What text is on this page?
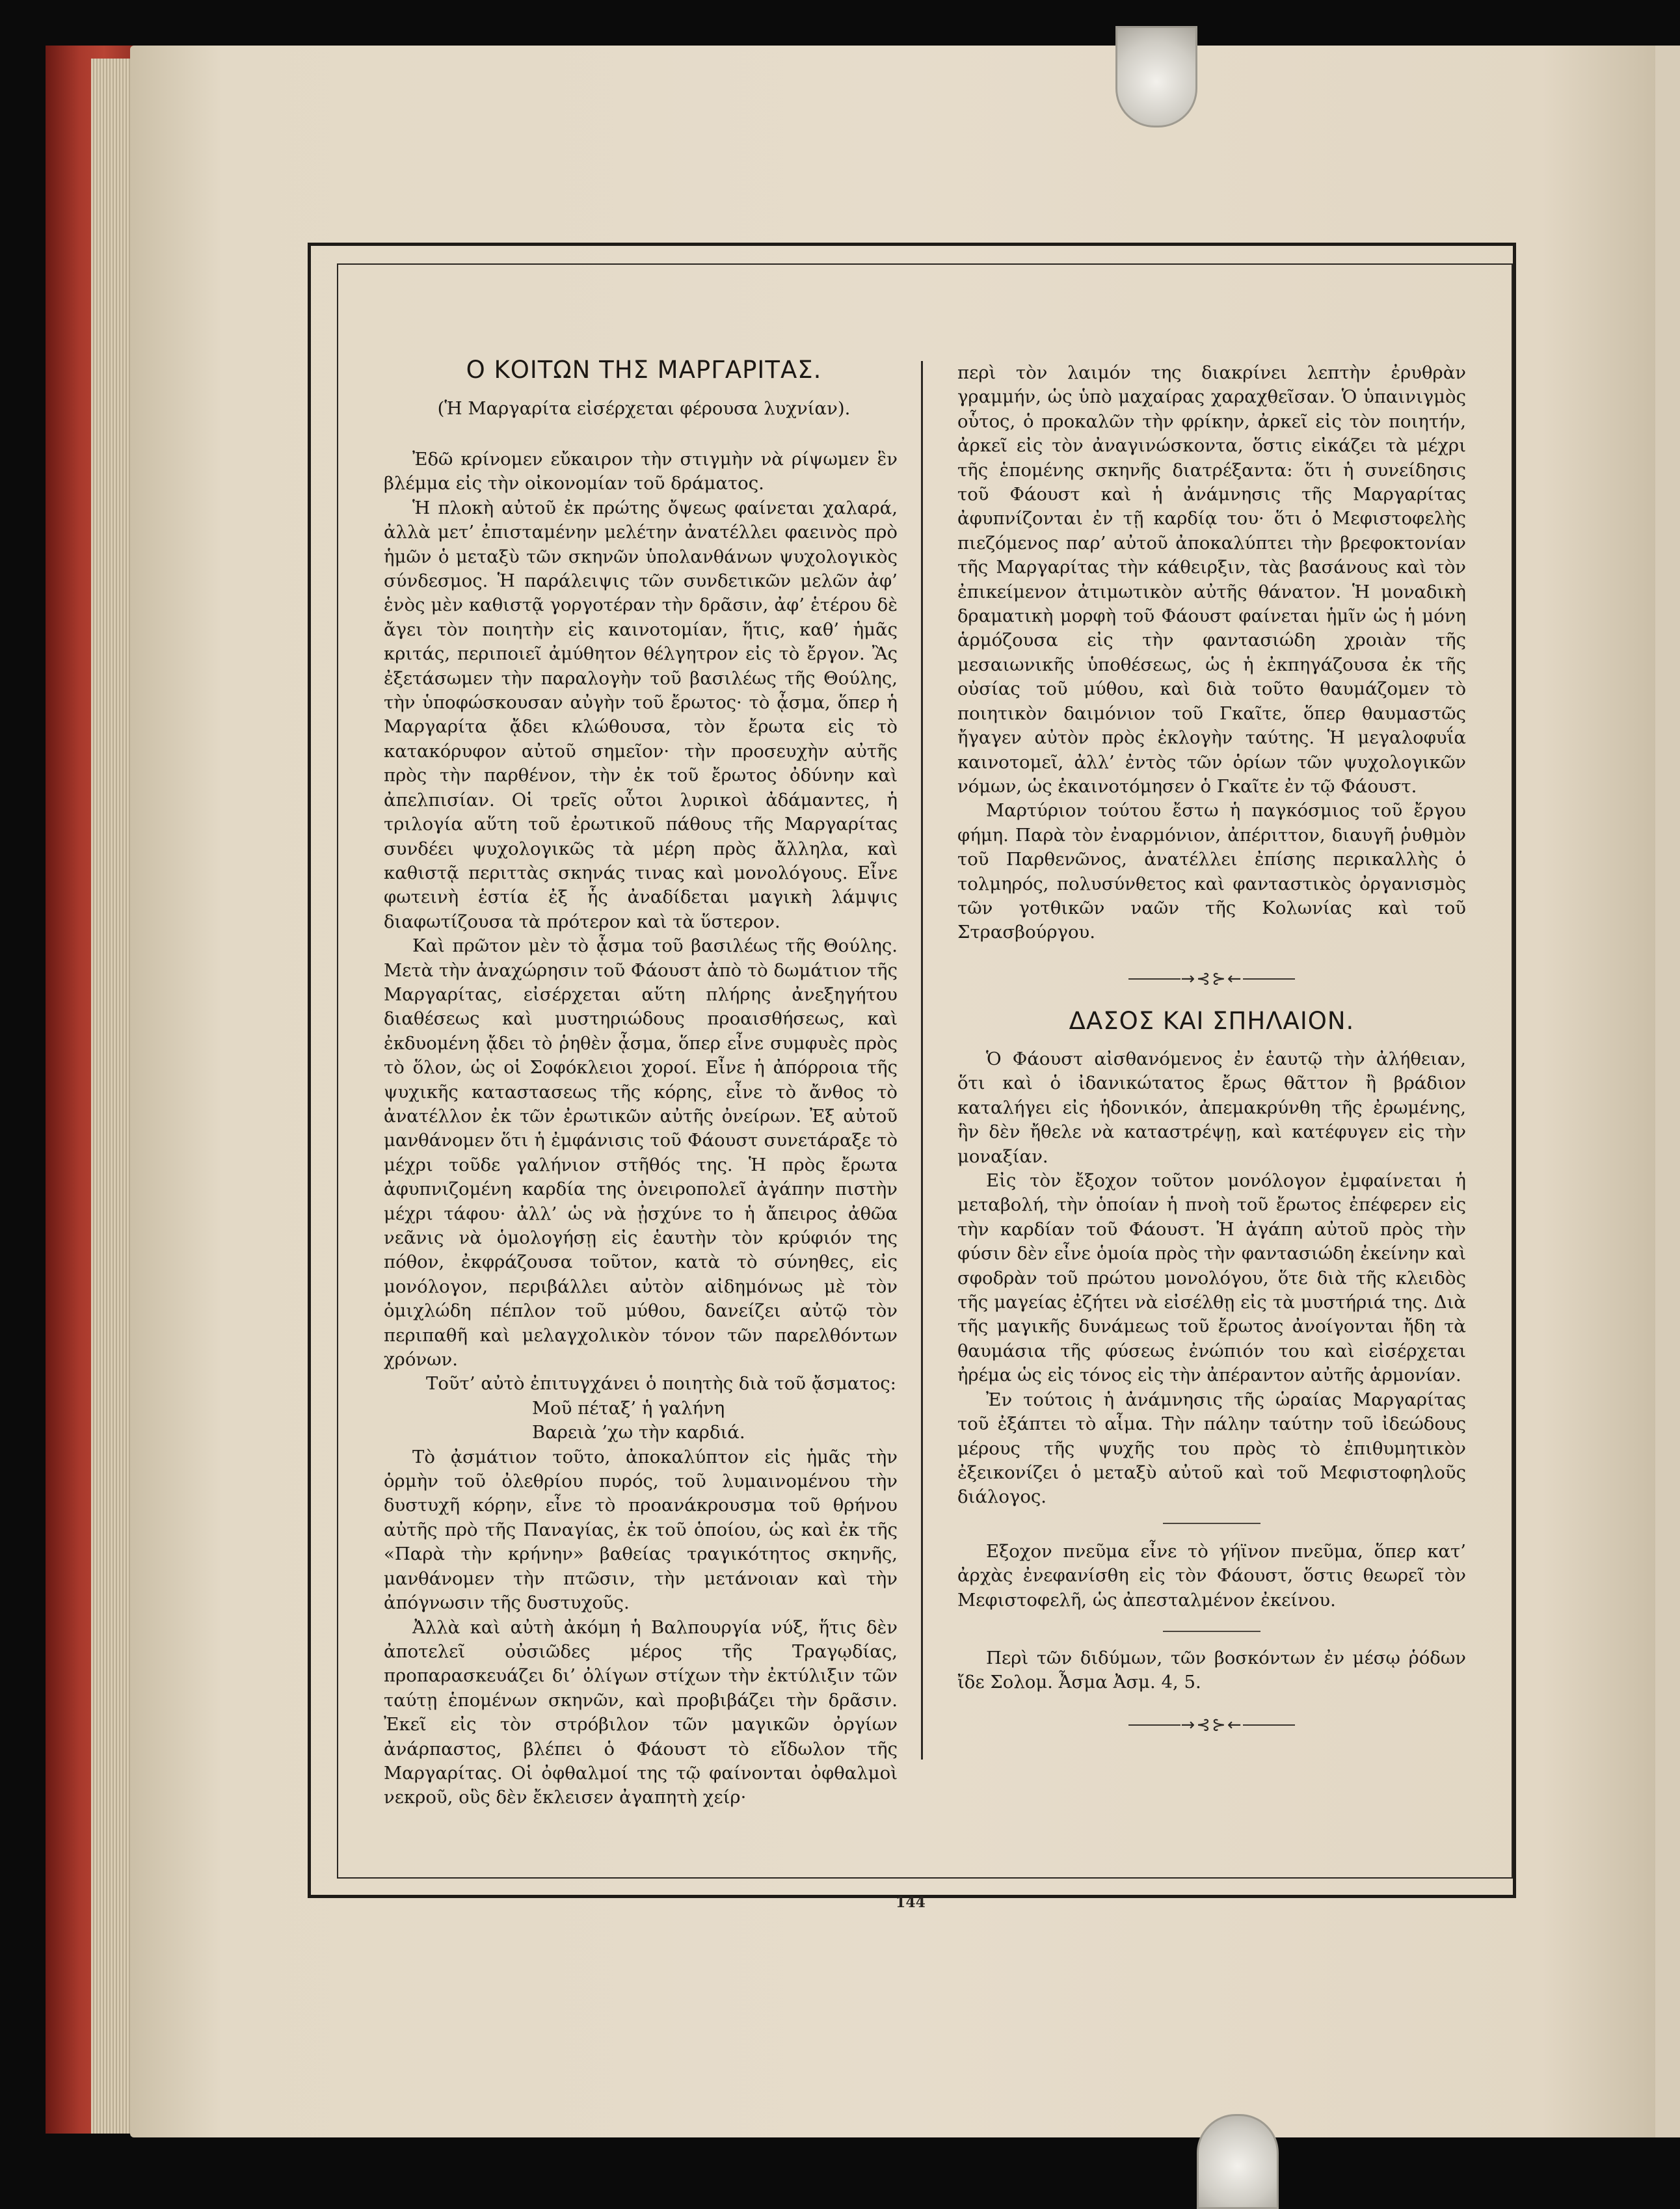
Ο ΚΟΙΤΩΝ ΤΗΣ ΜΑΡΓΑΡΙΤΑΣ.
(Ἡ Μαργαρίτα εἰσέρχεται φέρουσα λυχνίαν).

Ἐδῶ κρίνομεν εὔκαιρον τὴν στιγμὴν νὰ ρίψωμεν ἓν βλέμμα εἰς τὴν οἰκονομίαν τοῦ δράματος.

Ἡ πλοκὴ αὐτοῦ ἐκ πρώτης ὄψεως φαίνεται χαλαρά, ἀλλὰ μετ’ ἐπισταμένην μελέτην ἀνατέλλει φαεινὸς πρὸ ἡμῶν ὁ μεταξὺ τῶν σκηνῶν ὑπολανθάνων ψυχολογικὸς σύνδεσμος. Ἡ παράλειψις τῶν συνδετικῶν μελῶν ἀφ’ ἑνὸς μὲν καθιστᾷ γοργοτέραν τὴν δρᾶσιν, ἀφ’ ἑτέρου δὲ ἄγει τὸν ποιητὴν εἰς καινοτομίαν, ἥτις, καθ’ ἡμᾶς κριτάς, περιποιεῖ ἀμύθητον θέλγητρον εἰς τὸ ἔργον. Ἂς ἐξετάσωμεν τὴν παραλογὴν τοῦ βασιλέως τῆς Θούλης, τὴν ὑποφώσκουσαν αὐγὴν τοῦ ἔρωτος· τὸ ᾆσμα, ὅπερ ἡ Μαργαρίτα ᾄδει κλώθουσα, τὸν ἔρωτα εἰς τὸ κατακόρυφον αὐτοῦ σημεῖον· τὴν προσευχὴν αὐτῆς πρὸς τὴν παρθένον, τὴν ἐκ τοῦ ἔρωτος ὀδύνην καὶ ἀπελπισίαν. Οἱ τρεῖς οὗτοι λυρικοὶ ἀδάμαντες, ἡ τριλογία αὕτη τοῦ ἐρωτικοῦ πάθους τῆς Μαργαρίτας συνδέει ψυχολογικῶς τὰ μέρη πρὸς ἄλληλα, καὶ καθιστᾷ περιττὰς σκηνάς τινας καὶ μονολόγους. Εἶνε φωτεινὴ ἑστία ἐξ ἧς ἀναδίδεται μαγικὴ λάμψις διαφωτίζουσα τὰ πρότερον καὶ τὰ ὕστερον.

Καὶ πρῶτον μὲν τὸ ᾆσμα τοῦ βασιλέως τῆς Θούλης. Μετὰ τὴν ἀναχώρησιν τοῦ Φάουστ ἀπὸ τὸ δωμάτιον τῆς Μαργαρίτας, εἰσέρχεται αὕτη πλήρης ἀνεξηγήτου διαθέσεως καὶ μυστηριώδους προαισθήσεως, καὶ ἐκδυομένη ᾄδει τὸ ῥηθὲν ᾆσμα, ὅπερ εἶνε συμφυὲς πρὸς τὸ ὅλον, ὡς οἱ Σοφόκλειοι χοροί. Εἶνε ἡ ἀπόρροια τῆς ψυχικῆς καταστασεως τῆς κόρης, εἶνε τὸ ἄνθος τὸ ἀνατέλλον ἐκ τῶν ἐρωτικῶν αὐτῆς ὀνείρων. Ἐξ αὐτοῦ μανθάνομεν ὅτι ἡ ἐμφάνισις τοῦ Φάουστ συνετάραξε τὸ μέχρι τοῦδε γαλήνιον στῆθός της. Ἡ πρὸς ἔρωτα ἀφυπνιζομένη καρδία της ὀνειροπολεῖ ἀγάπην πιστὴν μέχρι τάφου· ἀλλ’ ὡς νὰ ᾐσχύνε το ἡ ἄπειρος ἀθῶα νεᾶνις νὰ ὁμολογήσῃ εἰς ἑαυτὴν τὸν κρύφιόν της πόθον, ἐκφράζουσα τοῦτον, κατὰ τὸ σύνηθες, εἰς μονόλογον, περιβάλλει αὐτὸν αἰδημόνως μὲ τὸν ὁμιχλώδη πέπλον τοῦ μύθου, δανείζει αὐτῷ τὸν περιπαθῆ καὶ μελαγχολικὸν τόνον τῶν παρελθόντων χρόνων.

Τοῦτ’ αὐτὸ ἐπιτυγχάνει ὁ ποιητὴς διὰ τοῦ ᾄσματος:

Μοῦ πέταξ’ ἡ γαλήνη

Βαρειὰ ’χω τὴν καρδιά.

Τὸ ᾀσμάτιον τοῦτο, ἀποκαλύπτον εἰς ἡμᾶς τὴν ὁρμὴν τοῦ ὀλεθρίου πυρός, τοῦ λυμαινομένου τὴν δυστυχῆ κόρην, εἶνε τὸ προανάκρουσμα τοῦ θρήνου αὐτῆς πρὸ τῆς Παναγίας, ἐκ τοῦ ὁποίου, ὡς καὶ ἐκ τῆς «Παρὰ τὴν κρήνην» βαθείας τραγικότητος σκηνῆς, μανθάνομεν τὴν πτῶσιν, τὴν μετάνοιαν καὶ τὴν ἀπόγνωσιν τῆς δυστυχοῦς.

Ἀλλὰ καὶ αὐτὴ ἀκόμη ἡ Βαλπουργία νύξ, ἥτις δὲν ἀποτελεῖ οὐσιῶδες μέρος τῆς Τραγῳδίας, προπαρασκευάζει δι’ ὀλίγων στίχων τὴν ἐκτύλιξιν τῶν ταύτῃ ἑπομένων σκηνῶν, καὶ προβιβάζει τὴν δρᾶσιν. Ἐκεῖ εἰς τὸν στρόβιλον τῶν μαγικῶν ὀργίων ἀνάρπαστος, βλέπει ὁ Φάουστ τὸ εἴδωλον τῆς Μαργαρίτας. Οἱ ὀφθαλμοί της τῷ φαίνονται ὀφθαλμοὶ νεκροῦ, οὓς δὲν ἔκλεισεν ἀγαπητὴ χείρ·

περὶ τὸν λαιμόν της διακρίνει λεπτὴν ἐρυθρὰν γραμμήν, ὡς ὑπὸ μαχαίρας χαραχθεῖσαν. Ὁ ὑπαινιγμὸς οὗτος, ὁ προκαλῶν τὴν φρίκην, ἀρκεῖ εἰς τὸν ποιητήν, ἀρκεῖ εἰς τὸν ἀναγινώσκοντα, ὅστις εἰκάζει τὰ μέχρι τῆς ἑπομένης σκηνῆς διατρέξαντα: ὅτι ἡ συνείδησις τοῦ Φάουστ καὶ ἡ ἀνάμνησις τῆς Μαργαρίτας ἀφυπνίζονται ἐν τῇ καρδίᾳ του· ὅτι ὁ Μεφιστοφελὴς πιεζόμενος παρ’ αὐτοῦ ἀποκαλύπτει τὴν βρεφοκτονίαν τῆς Μαργαρίτας τὴν κάθειρξιν, τὰς βασάνους καὶ τὸν ἐπικείμενον ἀτιμωτικὸν αὐτῆς θάνατον. Ἡ μοναδικὴ δραματικὴ μορφὴ τοῦ Φάουστ φαίνεται ἡμῖν ὡς ἡ μόνη ἁρμόζουσα εἰς τὴν φαντασιώδη χροιὰν τῆς μεσαιωνικῆς ὑποθέσεως, ὡς ἡ ἐκπηγάζουσα ἐκ τῆς οὐσίας τοῦ μύθου, καὶ διὰ τοῦτο θαυμάζομεν τὸ ποιητικὸν δαιμόνιον τοῦ Γκαῖτε, ὅπερ θαυμαστῶς ἤγαγεν αὐτὸν πρὸς ἐκλογὴν ταύτης. Ἡ μεγαλοφυΐα καινοτομεῖ, ἀλλ’ ἐντὸς τῶν ὁρίων τῶν ψυχολογικῶν νόμων, ὡς ἐκαινοτόμησεν ὁ Γκαῖτε ἐν τῷ Φάουστ.

Μαρτύριον τούτου ἔστω ἡ παγκόσμιος τοῦ ἔργου φήμη. Παρὰ τὸν ἐναρμόνιον, ἀπέριττον, διαυγῆ ῥυθμὸν τοῦ Παρθενῶνος, ἀνατέλλει ἐπίσης περικαλλὴς ὁ τολμηρός, πολυσύνθετος καὶ φανταστικὸς ὀργανισμὸς τῶν γοτθικῶν ναῶν τῆς Κολωνίας καὶ τοῦ Στρασβούργου.

→⊰⊱←
ΔΑΣΟΣ ΚΑΙ ΣΠΗΛΑΙΟΝ.

Ὁ Φάουστ αἰσθανόμενος ἐν ἑαυτῷ τὴν ἀλήθειαν, ὅτι καὶ ὁ ἰδανικώτατος ἔρως θᾶττον ἢ βράδιον καταλήγει εἰς ἡδονικόν, ἀπεμακρύνθη τῆς ἐρωμένης, ἣν δὲν ἤθελε νὰ καταστρέψῃ, καὶ κατέφυγεν εἰς τὴν μοναξίαν.

Εἰς τὸν ἔξοχον τοῦτον μονόλογον ἐμφαίνεται ἡ μεταβολή, τὴν ὁποίαν ἡ πνοὴ τοῦ ἔρωτος ἐπέφερεν εἰς τὴν καρδίαν τοῦ Φάουστ. Ἡ ἀγάπη αὐτοῦ πρὸς τὴν φύσιν δὲν εἶνε ὁμοία πρὸς τὴν φαντασιώδη ἐκείνην καὶ σφοδρὰν τοῦ πρώτου μονολόγου, ὅτε διὰ τῆς κλειδὸς τῆς μαγείας ἐζήτει νὰ εἰσέλθῃ εἰς τὰ μυστήριά της. Διὰ τῆς μαγικῆς δυνάμεως τοῦ ἔρωτος ἀνοίγονται ἤδη τὰ θαυμάσια τῆς φύσεως ἐνώπιόν του καὶ εἰσέρχεται ἠρέμα ὡς εἰς τόνος εἰς τὴν ἀπέραντον αὐτῆς ἁρμονίαν.

Ἐν τούτοις ἡ ἀνάμνησις τῆς ὡραίας Μαργαρίτας τοῦ ἐξάπτει τὸ αἷμα. Τὴν πάλην ταύτην τοῦ ἰδεώδους μέρους τῆς ψυχῆς του πρὸς τὸ ἐπιθυμητικὸν ἐξεικονίζει ὁ μεταξὺ αὐτοῦ καὶ τοῦ Μεφιστοφηλοῦς διάλογος.

Εξοχον πνεῦμα εἶνε τὸ γήϊνον πνεῦμα, ὅπερ κατ’ ἀρχὰς ἐνεφανίσθη εἰς τὸν Φάουστ, ὅστις θεωρεῖ τὸν Μεφιστοφελῆ, ὡς ἀπεσταλμένον ἐκείνου.

Περὶ τῶν διδύμων, τῶν βοσκόντων ἐν μέσῳ ῥόδων ἴδε Σολομ. Ἆσμα Ἀσμ. 4, 5.

→⊰⊱←
144
